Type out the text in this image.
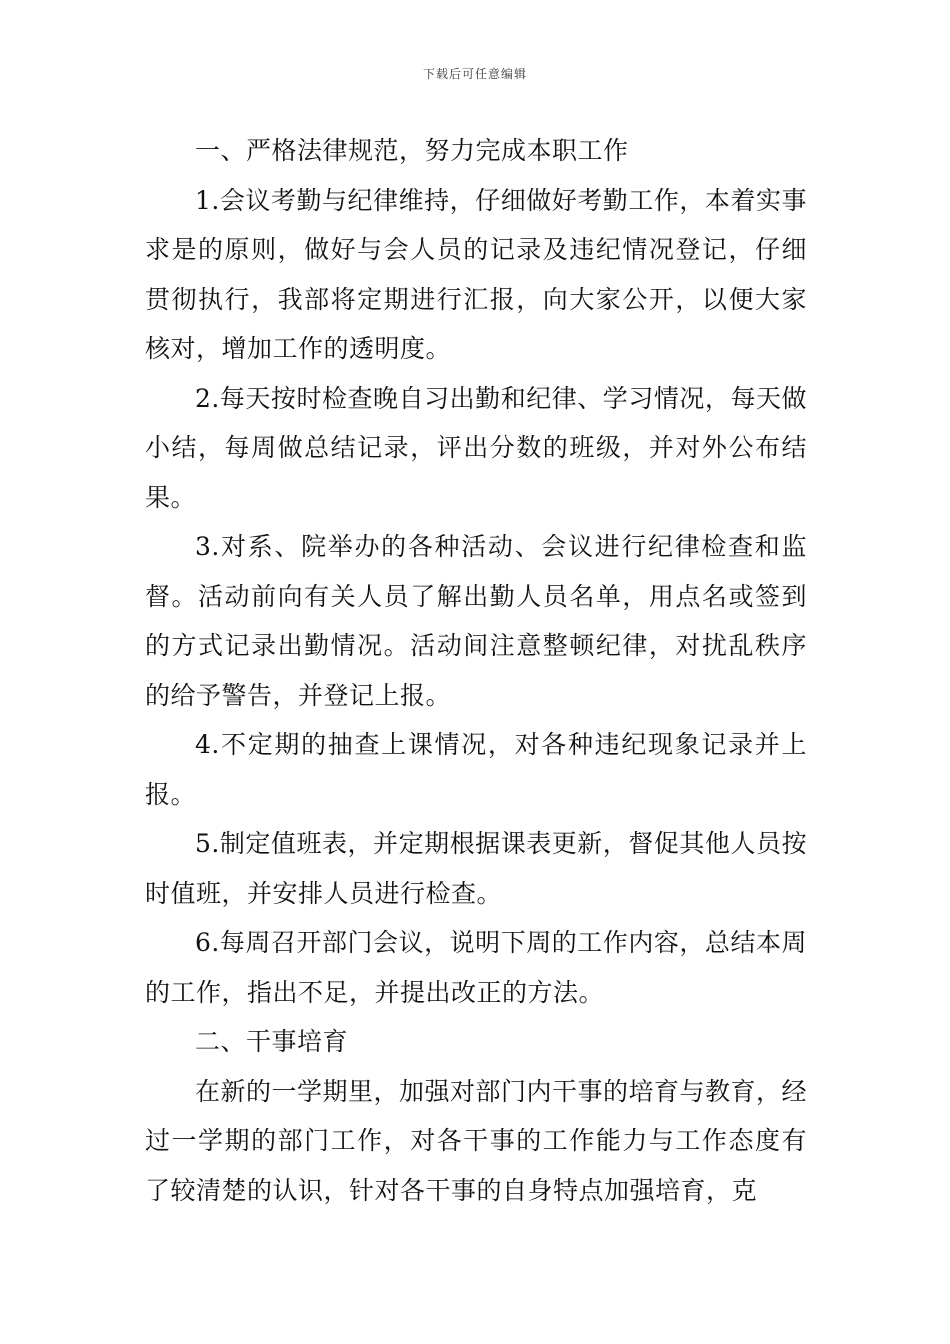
下载后可任意编辑

一、严格法律规范，努力完成本职工作

1.会议考勤与纪律维持，仔细做好考勤工作，本着实事求是的原则，做好与会人员的记录及违纪情况登记，仔细贯彻执行，我部将定期进行汇报，向大家公开，以便大家核对，增加工作的透明度。

2.每天按时检查晚自习出勤和纪律、学习情况，每天做小结，每周做总结记录，评出分数的班级，并对外公布结果。

3.对系、院举办的各种活动、会议进行纪律检查和监督。活动前向有关人员了解出勤人员名单，用点名或签到的方式记录出勤情况。活动间注意整顿纪律，对扰乱秩序的给予警告，并登记上报。

4.不定期的抽查上课情况，对各种违纪现象记录并上报。

5.制定值班表，并定期根据课表更新，督促其他人员按时值班，并安排人员进行检查。

6.每周召开部门会议，说明下周的工作内容，总结本周的工作，指出不足，并提出改正的方法。

二、干事培育

在新的一学期里，加强对部门内干事的培育与教育，经过一学期的部门工作，对各干事的工作能力与工作态度有了较清楚的认识，针对各干事的自身特点加强培育，克
